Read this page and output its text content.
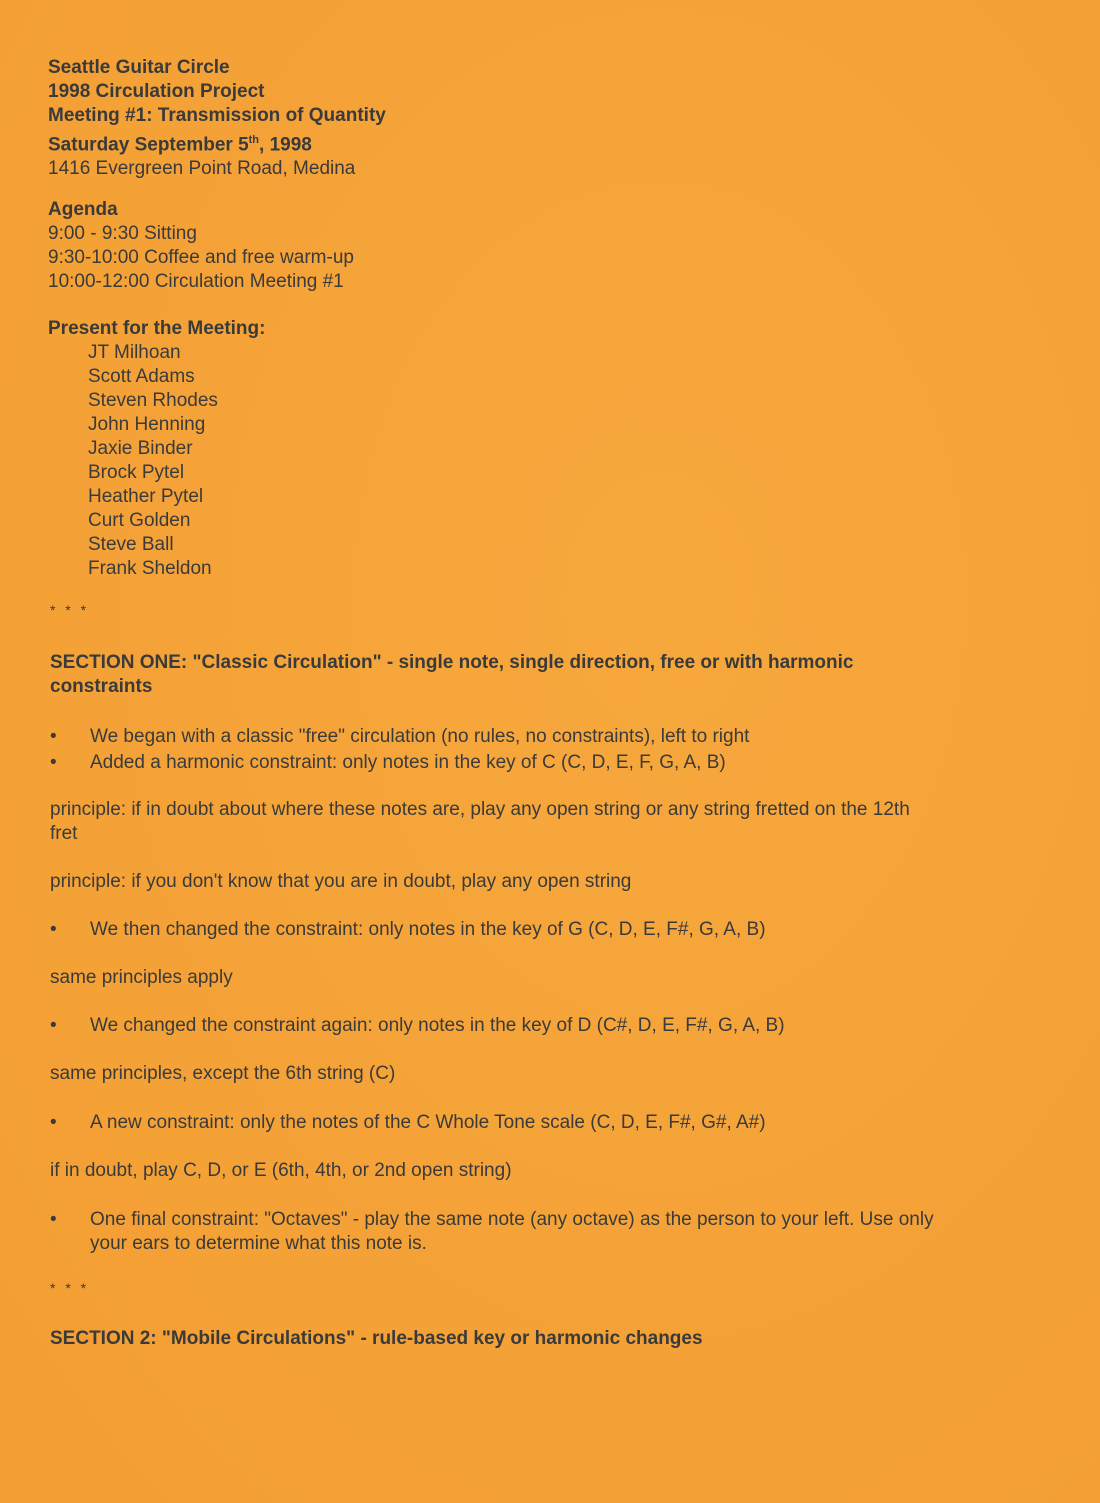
Seattle Guitar Circle
1998 Circulation Project
Meeting #1: Transmission of Quantity
Saturday September 5th, 1998
1416 Evergreen Point Road, Medina
Agenda
9:00 - 9:30 Sitting
9:30-10:00 Coffee and free warm-up
10:00-12:00 Circulation Meeting #1
Present for the Meeting:
JT Milhoan
Scott Adams
Steven Rhodes
John Henning
Jaxie Binder
Brock Pytel
Heather Pytel
Curt Golden
Steve Ball
Frank Sheldon
* * *
SECTION ONE: "Classic Circulation" - single note, single direction, free or with harmonic constraints
•	We began with a classic "free" circulation (no rules, no constraints), left to right
•	Added a harmonic constraint: only notes in the key of C (C, D, E, F, G, A, B)
principle: if in doubt about where these notes are, play any open string or any string fretted on the 12th fret
principle: if you don't know that you are in doubt, play any open string
•	We then changed the constraint: only notes in the key of G (C, D, E, F#, G, A, B)
same principles apply
•	We changed the constraint again: only notes in the key of D (C#, D, E, F#, G, A, B)
same principles, except the 6th string (C)
•	A new constraint: only the notes of the C Whole Tone scale (C, D, E, F#, G#, A#)
if in doubt, play C, D, or E (6th, 4th, or 2nd open string)
•	One final constraint: "Octaves" - play the same note (any octave) as the person to your left. Use only your ears to determine what this note is.
* * *
SECTION 2: "Mobile Circulations" - rule-based key or harmonic changes
